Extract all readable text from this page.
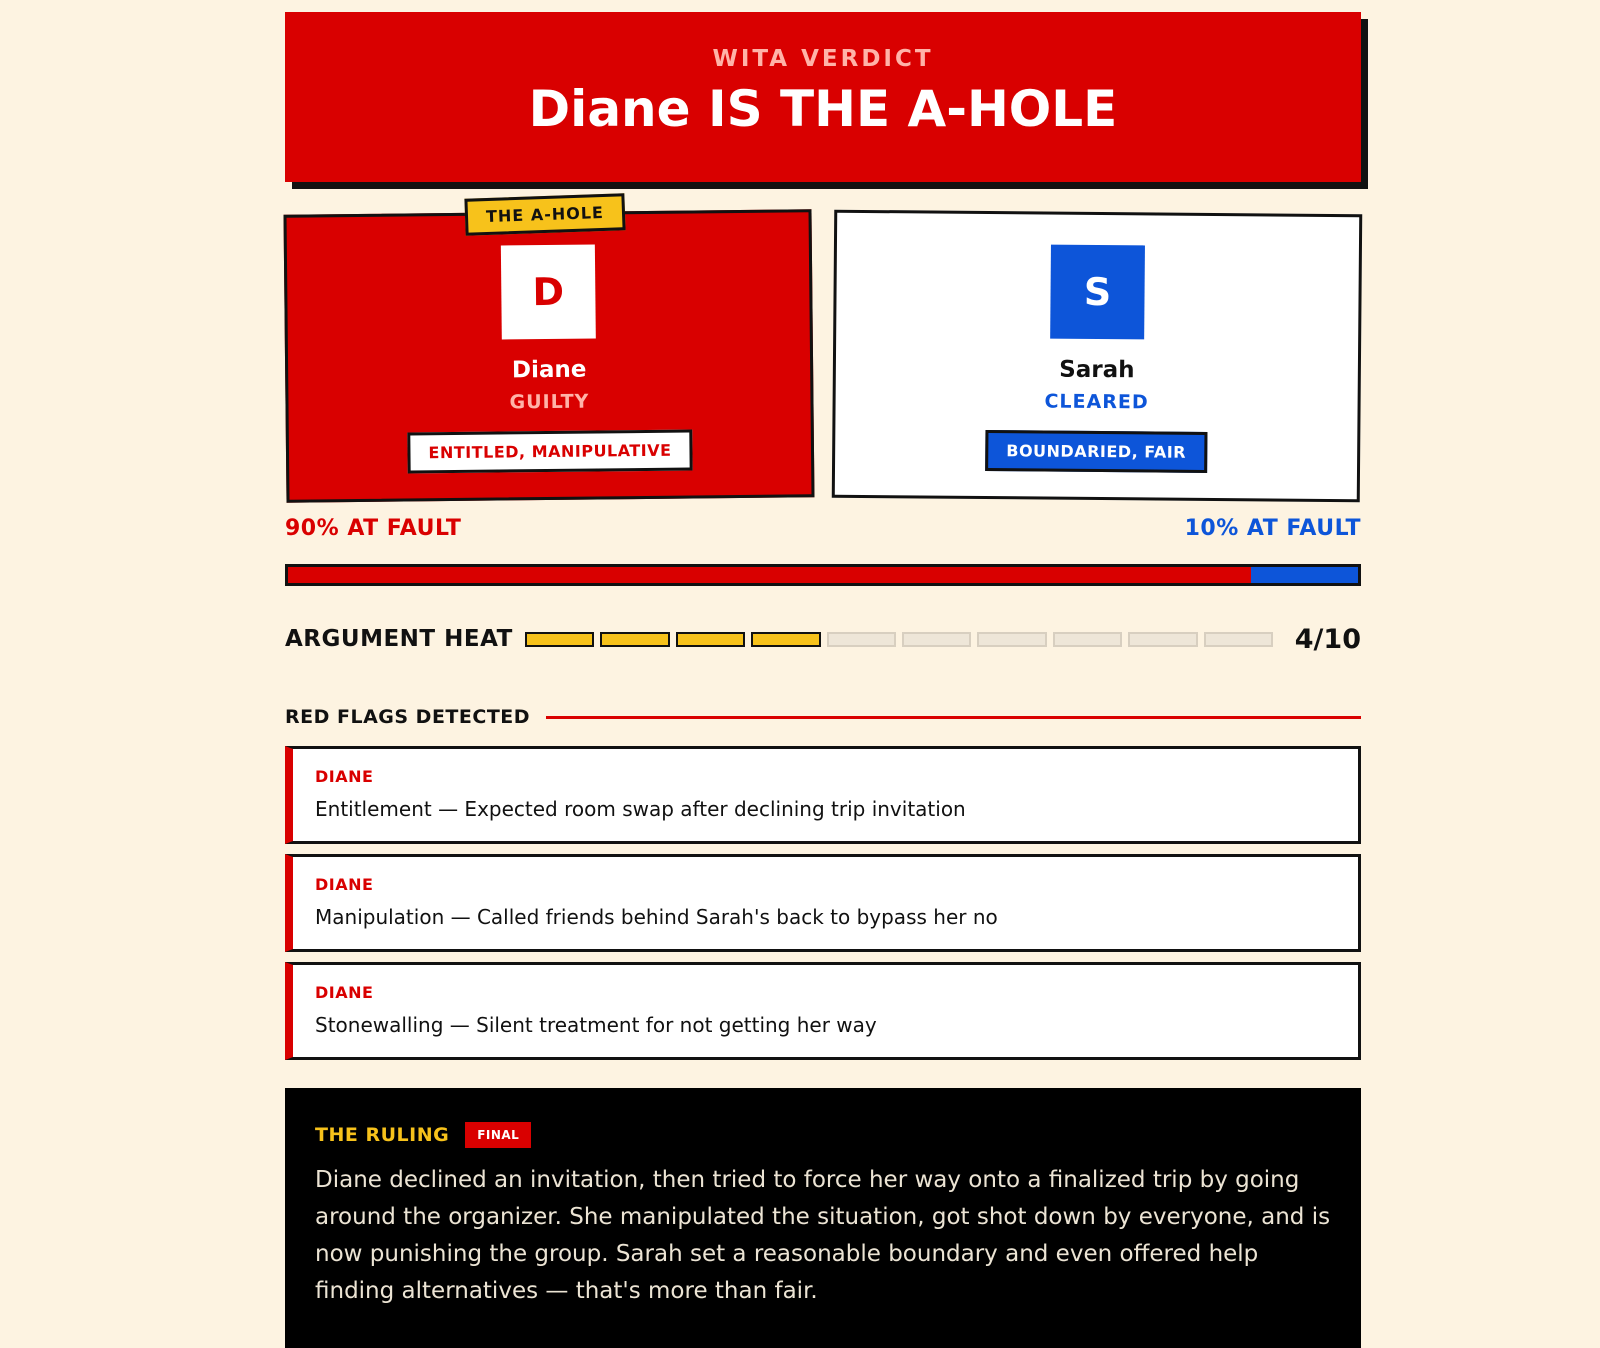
WITA VERDICT
Diane IS THE A-HOLE
THE A-HOLE
D
Diane
GUILTY
ENTITLED, MANIPULATIVE
S
Sarah
CLEARED
BOUNDARIED, FAIR
90% AT FAULT	10% AT FAULT
ARGUMENT HEAT	4/10
RED FLAGS DETECTED
DIANE
Entitlement — Expected room swap after declining trip invitation
DIANE
Manipulation — Called friends behind Sarah's back to bypass her no
DIANE
Stonewalling — Silent treatment for not getting her way
THE RULING	FINAL
Diane declined an invitation, then tried to force her way onto a finalized trip by going around the organizer. She manipulated the situation, got shot down by everyone, and is now punishing the group. Sarah set a reasonable boundary and even offered help finding alternatives — that's more than fair.
